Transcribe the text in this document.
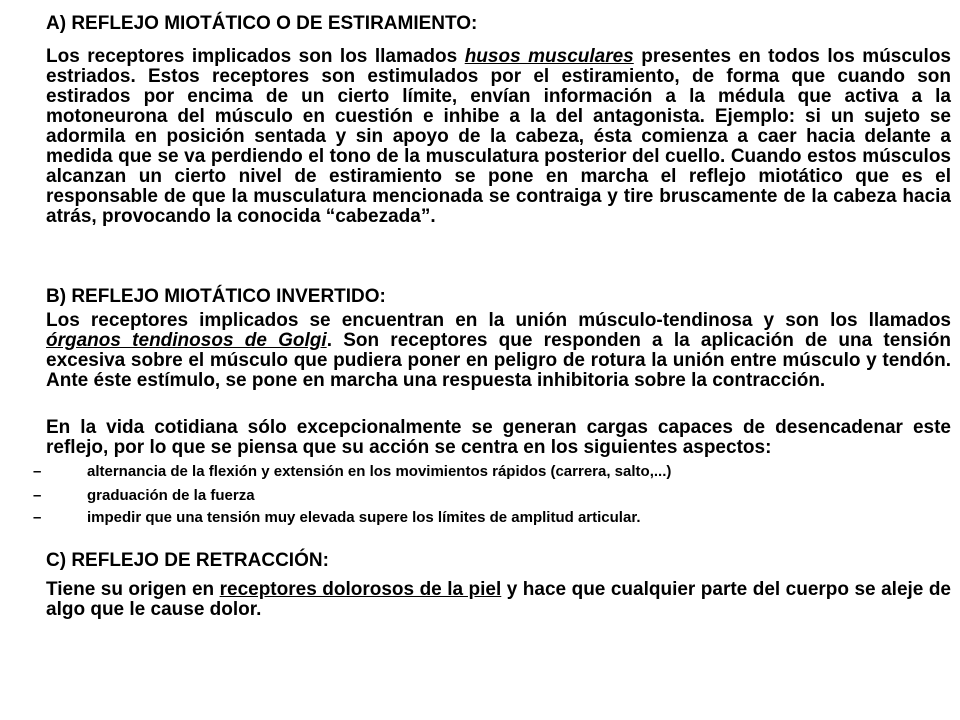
A) REFLEJO MIOTÁTICO O DE ESTIRAMIENTO:

Los receptores implicados son los llamados husos musculares presentes en todos los músculos estriados. Estos receptores son estimulados por el estiramiento, de forma que cuando son estirados por encima de un cierto límite, envían información a la médula que activa a la motoneurona del músculo en cuestión e inhibe a la del antagonista. Ejemplo: si un sujeto se adormila en posición sentada y sin apoyo de la cabeza, ésta comienza a caer hacia delante a medida que se va perdiendo el tono de la musculatura posterior del cuello. Cuando estos músculos alcanzan un cierto nivel de estiramiento se pone en marcha el reflejo miotático que es el responsable de que la musculatura mencionada se contraiga y tire bruscamente de la cabeza hacia atrás, provocando la conocida “cabezada”.

B) REFLEJO MIOTÁTICO INVERTIDO:

Los receptores implicados se encuentran en la unión músculo-tendinosa y son los llamados órganos tendinosos de Golgi. Son receptores que responden a la aplicación de una tensión excesiva sobre el músculo que pudiera poner en peligro de rotura la unión entre músculo y tendón. Ante éste estímulo, se pone en marcha una respuesta inhibitoria sobre la contracción.

En la vida cotidiana sólo excepcionalmente se generan cargas capaces de desencadenar este reflejo, por lo que se piensa que su acción se centra en los siguientes aspectos:

–	alternancia de la flexión y extensión en los movimientos rápidos (carrera, salto,...)
–	graduación de la fuerza
–	impedir que una tensión muy elevada supere los límites de amplitud articular.
C) REFLEJO DE RETRACCIÓN:

Tiene su origen en receptores dolorosos de la piel y hace que cualquier parte del cuerpo se aleje de algo que le cause dolor.
